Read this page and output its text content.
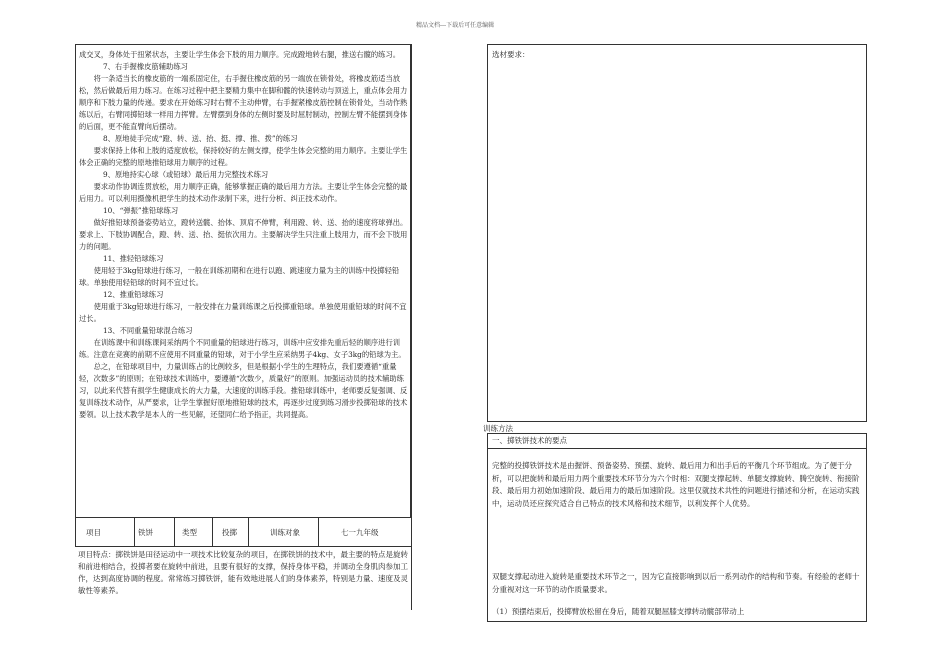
精品文档---下载后可任意编辑

成交叉，身体处于扭紧状态，主要让学生体会下肢的用力顺序。完成蹬地转右腿，推送右髋的练习。

7、右手握橡皮筋辅助练习

将一条适当长的橡皮筋的一端系固定住，右手握住橡皮筋的另一端放在锁骨处，将橡皮筋适当放松，然后做最后用力练习。在练习过程中把主要精力集中在脚和髋的快速转动与顶送上，重点体会用力顺序和下肢力量的传递。要求在开始练习时右臂不主动伸臂，右手握紧橡皮筋控制在锁骨处，当动作熟练以后，右臂同掷铅球一样用力挥臂。左臂摆到身体的左侧时要及时屈肘制动，控制左臂不能摆到身体的后面，更不能直臂向后摆动。

8、原地徒手完成“蹬、转、送、抬、挺、撑、推、拨”的练习

要求保持上体和上肢的适度放松，保持较好的左侧支撑，使学生体会完整的用力顺序。主要让学生体会正确的完整的原地推铅球用力顺序的过程。

9、原地持实心球（或铅球）最后用力完整技术练习

要求动作协调连贯放松，用力顺序正确，能够掌握正确的最后用力方法。主要让学生体会完整的最后用力。可以利用摄像机把学生的技术动作录制下来，进行分析、纠正技术动作。

10、“弹振”推铅球练习

做好推铅球预备姿势站立，蹬转送髋、抬体、顶肩不伸臂，利用蹬、转、送、抬的速度将球弹出。要求上、下肢协调配合，蹬、转、送、抬、挺依次用力。主要解决学生只注重上肢用力，而不会下肢用力的问题。

11、推轻铅球练习

使用轻于3kg铅球进行练习，一般在训练初期和在进行以跑、跳速度力量为主的训练中投掷轻铅球。单独使用轻铅球的时间不宜过长。

12、推重铅球练习

使用重于3kg铅球进行练习，一般安排在力量训练课之后投掷重铅球。单独使用重铅球的时间不宜过长。

13、不同重量铅球混合练习

在训练课中和训练课间采纳两个不同重量的铅球进行练习，训练中应安排先重后轻的顺序进行训练。注意在竞赛的前期不应使用不同重量的铅球，对于小学生应采纳男子4kg、女子3kg的铅球为主。

总之，在铅球项目中，力量训练占的比例较多，但是根据小学生的生理特点，我们要遵循“重量轻，次数多”的原则；在铅球技术训练中，要遵循“次数少，质量好”的原则。加强运动员的技术辅助练习，以此来代替有损学生健康成长的大力量，大速度的训练手段。推铅球训练中，老师要反复强调、反复训练技术动作，从严要求，让学生掌握好原地推铅球的技术，再逐步过度到练习滑步投掷铅球的技术要领。以上技术教学是本人的一些见解，还望同仁给予指正，共同提高。

项目	铁饼	类型	投掷	训练对象	七一九年级
项目特点：掷铁饼是田径运动中一项技术比较复杂的项目，在掷铁饼的技术中，最主要的特点是旋转和前进相结合，投掷者要在旋转中前进，且要有很好的支撑，保持身体平稳，并调动全身肌肉参加工作，达到高度协调的程度。常常练习掷铁饼，能有效地进展人们的身体素养，特别是力量、速度及灵敏性等素养。
选材要求：
训练方法
一、掷铁饼技术的要点

完整的投掷铁饼技术是由握饼、预备姿势、预摆、旋转、最后用力和出手后的平衡几个环节组成。为了便于分析，可以把旋转和最后用力两个重要技术环节分为六个时相：双腿支撑起转、单腿支撑旋转、腾空旋转、衔接阶段、最后用力初始加速阶段、最后用力的最后加速阶段。这里仅就技术共性的问题进行描述和分析，在运动实践中，运动员还应探究适合自己特点的技术风格和技术细节，以利发挥个人优势。

双腿支撑起动进入旋转是重要技术环节之一，因为它直接影响到以后一系列动作的结构和节奏。有经验的老师十分重视对这一环节的动作质量要求。

（1）预摆结束后，投掷臂放松留在身后，随着双腿屈膝支撑转动髋部带动上
